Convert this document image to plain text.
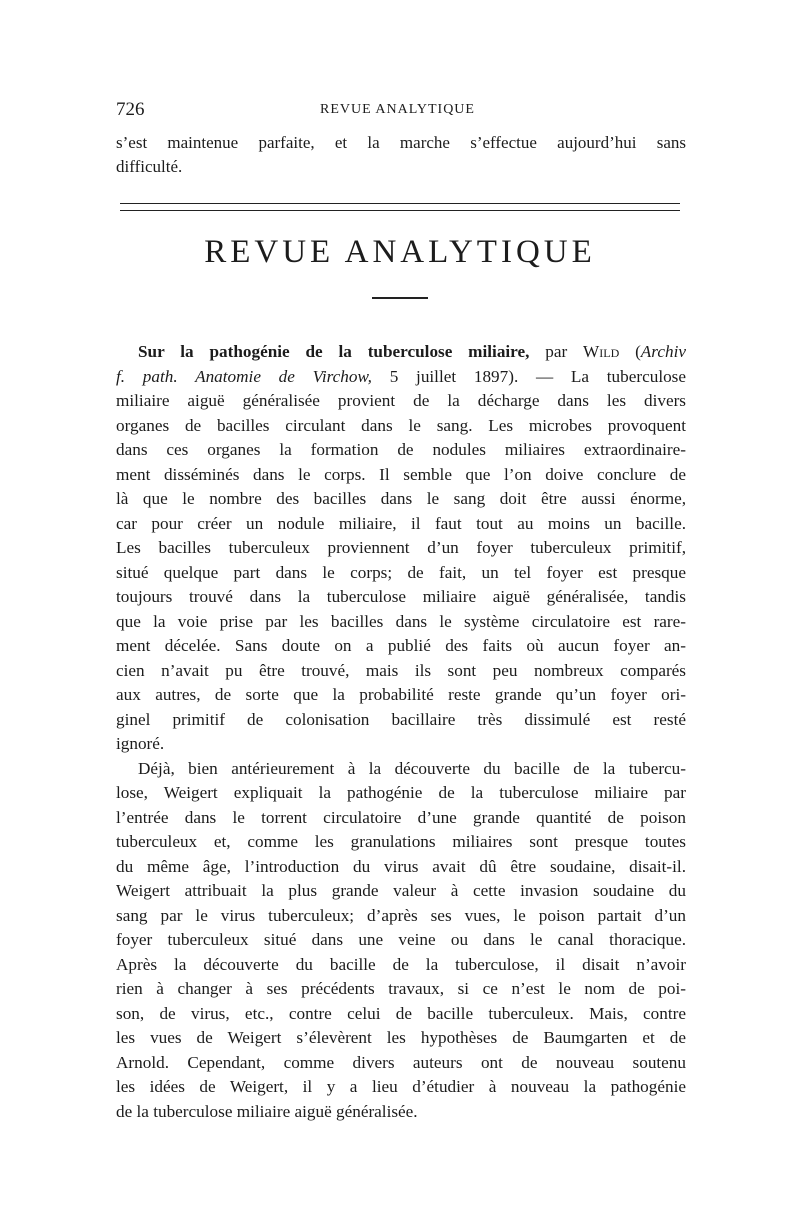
726	REVUE ANALYTIQUE
s’est maintenue parfaite, et la marche s’effectue aujourd’hui sans
difficulté.
REVUE ANALYTIQUE
Sur la pathogénie de la tuberculose miliaire, par Wild (Archiv
f. path. Anatomie de Virchow, 5 juillet 1897). — La tuberculose
miliaire aiguë généralisée provient de la décharge dans les divers
organes de bacilles circulant dans le sang. Les microbes provoquent
dans ces organes la formation de nodules miliaires extraordinaire-
ment disséminés dans le corps. Il semble que l’on doive conclure de
là que le nombre des bacilles dans le sang doit être aussi énorme,
car pour créer un nodule miliaire, il faut tout au moins un bacille.
Les bacilles tuberculeux proviennent d’un foyer tuberculeux primitif,
situé quelque part dans le corps; de fait, un tel foyer est presque
toujours trouvé dans la tuberculose miliaire aiguë généralisée, tandis
que la voie prise par les bacilles dans le système circulatoire est rare-
ment décelée. Sans doute on a publié des faits où aucun foyer an-
cien n’avait pu être trouvé, mais ils sont peu nombreux comparés
aux autres, de sorte que la probabilité reste grande qu’un foyer ori-
ginel primitif de colonisation bacillaire très dissimulé est resté
ignoré.
Déjà, bien antérieurement à la découverte du bacille de la tubercu-
lose, Weigert expliquait la pathogénie de la tuberculose miliaire par
l’entrée dans le torrent circulatoire d’une grande quantité de poison
tuberculeux et, comme les granulations miliaires sont presque toutes
du même âge, l’introduction du virus avait dû être soudaine, disait-il.
Weigert attribuait la plus grande valeur à cette invasion soudaine du
sang par le virus tuberculeux; d’après ses vues, le poison partait d’un
foyer tuberculeux situé dans une veine ou dans le canal thoracique.
Après la découverte du bacille de la tuberculose, il disait n’avoir
rien à changer à ses précédents travaux, si ce n’est le nom de poi-
son, de virus, etc., contre celui de bacille tuberculeux. Mais, contre
les vues de Weigert s’élevèrent les hypothèses de Baumgarten et de
Arnold. Cependant, comme divers auteurs ont de nouveau soutenu
les idées de Weigert, il y a lieu d’étudier à nouveau la pathogénie
de la tuberculose miliaire aiguë généralisée.
